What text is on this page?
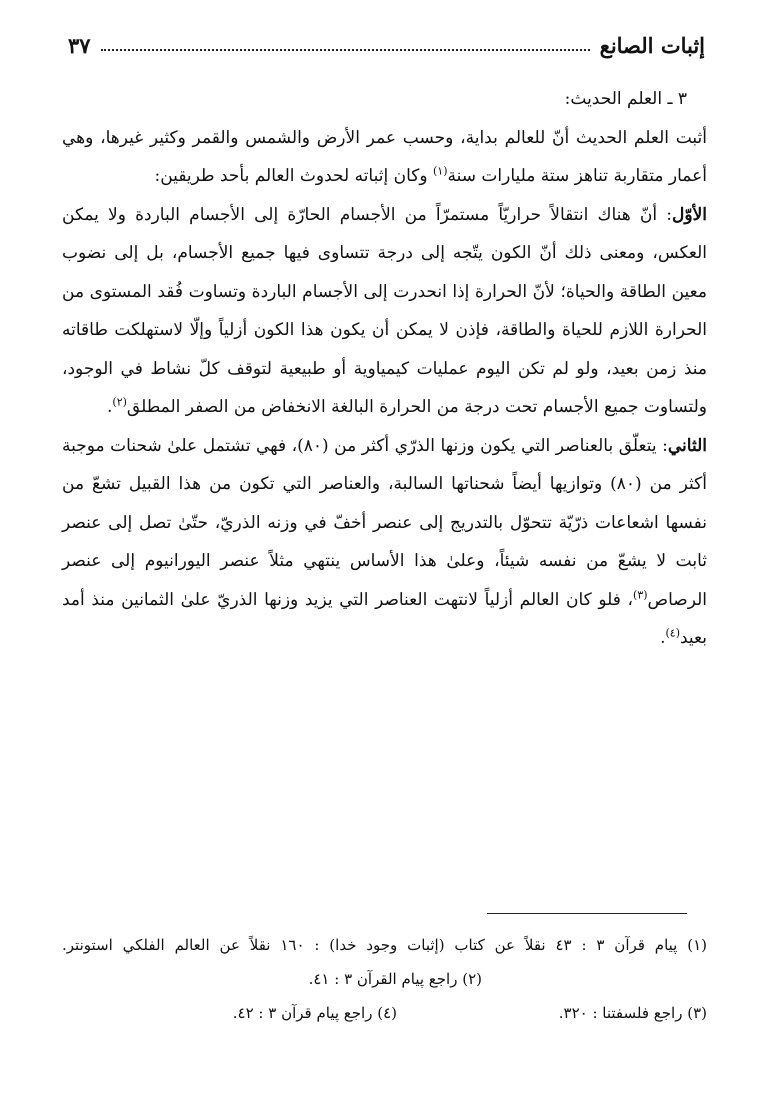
إثبات الصانع
٣٧

٣ ـ العلم الحديث:

أثبت العلم الحديث أنّ للعالم بداية، وحسب عمر الأرض والشمس والقمر وكثير غيرها، وهي أعمار متقاربة تناهز ستة مليارات سنة$^{(١)}$ وكان إثباته لحدوث العالم بأحد طريقين:

الأوّل: أنّ هناك انتقالاً حراريّاً مستمرّاً من الأجسام الحارّة إلى الأجسام الباردة ولا يمكن العكس، ومعنى ذلك أنّ الكون يتّجه إلى درجة تتساوى فيها جميع الأجسام، بل إلى نضوب معين الطاقة والحياة؛ لأنّ الحرارة إذا انحدرت إلى الأجسام الباردة وتساوت فُقد المستوى من الحرارة اللازم للحياة والطاقة، فإذن لا يمكن أن يكون هذا الكون أزلياً وإلّا لاستهلكت طاقاته منذ زمن بعيد، ولو لم تكن اليوم عمليات كيمياوية أو طبيعية لتوقف كلّ نشاط في الوجود، ولتساوت جميع الأجسام تحت درجة من الحرارة البالغة الانخفاض من الصفر المطلق$^{(٢)}$.

الثاني: يتعلّق بالعناصر التي يكون وزنها الذرّي أكثر من (٨٠)، فهي تشتمل علىٰ شحنات موجبة أكثر من (٨٠) وتوازيها أيضاً شحناتها السالبة، والعناصر التي تكون من هذا القبيل تشعّ من نفسها اشعاعات ذرّيّة تتحوّل بالتدريج إلى عنصر أخفّ في وزنه الذريّ، حتّىٰ تصل إلى عنصر ثابت لا يشعّ من نفسه شيئاً، وعلىٰ هذا الأساس ينتهي مثلاً عنصر اليورانيوم إلى عنصر الرصاص$^{(٣)}$، فلو كان العالم أزلياً لانتهت العناصر التي يزيد وزنها الذريّ علىٰ الثمانين منذ أمد بعيد$^{(٤)}$.

(١) پيام قرآن ٣ : ٤٣ نقلاً عن كتاب (إثبات وجود خدا) : ١٦٠ نقلاً عن العالم الفلكي استونتر.
(٢) راجع پيام القرآن ٣ : ٤١.
(٣) راجع فلسفتنا : ٣٢٠.
(٤) راجع پيام قرآن ٣ : ٤٢.
